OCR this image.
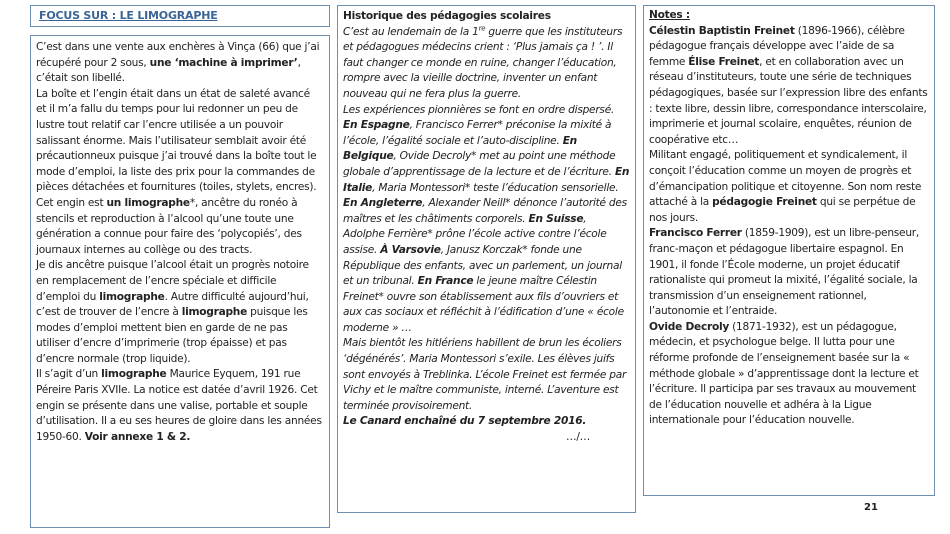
FOCUS SUR : LE LIMOGRAPHE

C’est dans une vente aux enchères à Vinça (66) que j’ai récupéré pour 2 sous, une ‘machine à imprimer’, c’était son libellé.

La boîte et l’engin était dans un état de saleté avancé et il m’a fallu du temps pour lui redonner un peu de lustre tout relatif car l’encre utilisée a un pouvoir salissant énorme. Mais l’utilisateur semblait avoir été précautionneux puisque j’ai trouvé dans la boîte tout le mode d’emploi, la liste des prix pour la commandes de pièces détachées et fournitures (toiles, stylets, encres).

Cet engin est un limographe*, ancêtre du ronéo à stencils et reproduction à l’alcool qu’une toute une génération a connue pour faire des ‘polycopiés’, des journaux internes au collège ou des tracts.

Je dis ancêtre puisque l’alcool était un progrès notoire en remplacement de l’encre spéciale et difficile d’emploi du limographe. Autre difficulté aujourd’hui, c’est de trouver de l’encre à limographe puisque les modes d’emploi mettent bien en garde de ne pas utiliser d’encre d’imprimerie (trop épaisse) et pas d’encre normale (trop liquide).

Il s’agit d’un limographe Maurice Eyquem, 191 rue Péreire Paris XVIIe. La notice est datée d’avril 1926. Cet engin se présente dans une valise, portable et souple d’utilisation. Il a eu ses heures de gloire dans les années 1950-60. Voir annexe 1 & 2.

Historique des pédagogies scolaires

C’est au lendemain de la 1re guerre que les instituteurs et pédagogues médecins crient : ‘Plus jamais ça ! ’. Il faut changer ce monde en ruine, changer l’éducation, rompre avec la vieille doctrine, inventer un enfant nouveau qui ne fera plus la guerre.

Les expériences pionnières se font en ordre dispersé. En Espagne, Francisco Ferrer* préconise la mixité à l’école, l’égalité sociale et l’auto-discipline. En Belgique, Ovide Decroly* met au point une méthode globale d’apprentissage de la lecture et de l’écriture. En Italie, Maria Montessori* teste l’éducation sensorielle. En Angleterre, Alexander Neill* dénonce l’autorité des maîtres et les châtiments corporels. En Suisse, Adolphe Ferrière* prône l’école active contre l’école assise. À Varsovie, Janusz Korczak* fonde une République des enfants, avec un parlement, un journal et un tribunal. En France le jeune maître Célestin Freinet* ouvre son établissement aux fils d’ouvriers et aux cas sociaux et réfléchit à l’édification d’une « école moderne » …

Mais bientôt les hitlériens habillent de brun les écoliers ‘dégénérés’. Maria Montessori s’exile. Les élèves juifs sont envoyés à Treblinka. L’école Freinet est fermée par Vichy et le maître communiste, interné. L’aventure est terminée provisoirement.

Le Canard enchaîné du 7 septembre 2016.

…/…

Notes :

Célestin Baptistin Freinet (1896-1966), célèbre pédagogue français développe avec l’aide de sa femme Élise Freinet, et en collaboration avec un réseau d’instituteurs, toute une série de techniques pédagogiques, basée sur l’expression libre des enfants : texte libre, dessin libre, correspondance interscolaire, imprimerie et journal scolaire, enquêtes, réunion de coopérative etc…

Militant engagé, politiquement et syndicalement, il conçoit l’éducation comme un moyen de progrès et d’émancipation politique et citoyenne. Son nom reste attaché à la pédagogie Freinet qui se perpétue de nos jours.

Francisco Ferrer (1859-1909), est un libre-penseur, franc-maçon et pédagogue libertaire espagnol. En 1901, il fonde l’École moderne, un projet éducatif rationaliste qui promeut la mixité, l’égalité sociale, la transmission d’un enseignement rationnel, l’autonomie et l’entraide.

Ovide Decroly (1871-1932), est un pédagogue, médecin, et psychologue belge. Il lutta pour une réforme profonde de l’enseignement basée sur la « méthode globale » d’apprentissage dont la lecture et l’écriture. Il participa par ses travaux au mouvement de l’éducation nouvelle et adhéra à la Ligue internationale pour l’éducation nouvelle.

21
